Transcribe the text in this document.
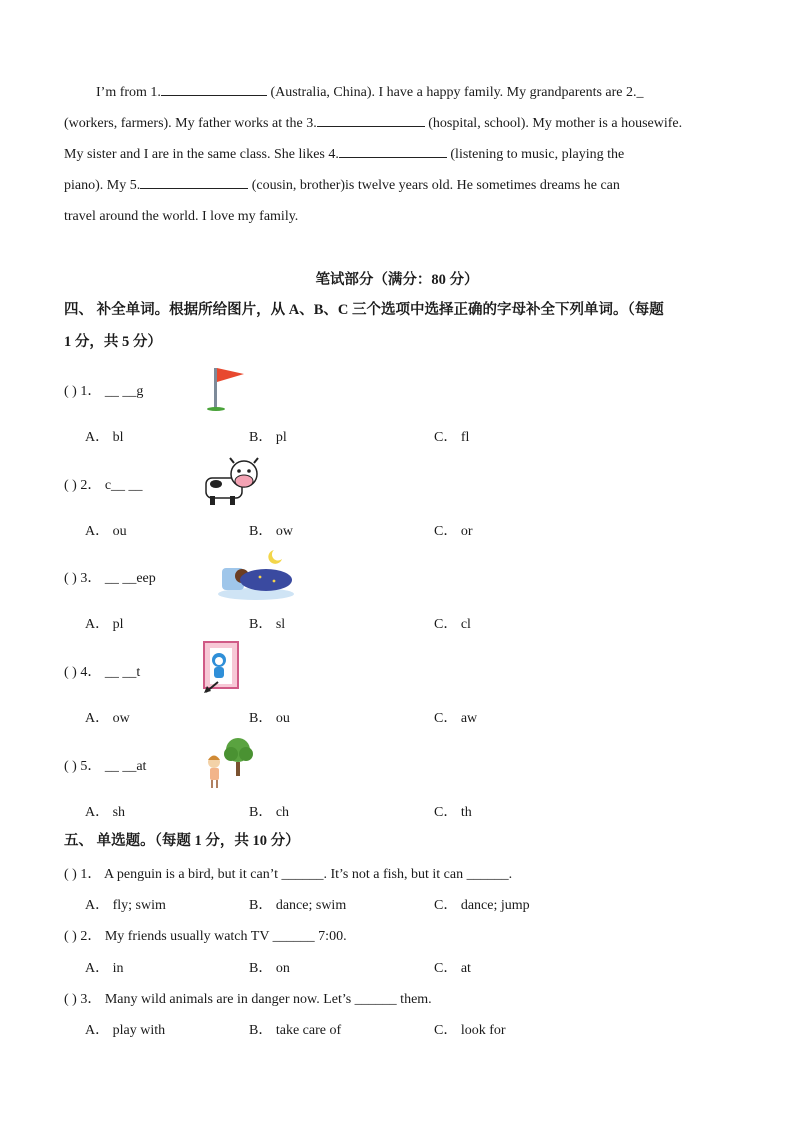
I’m from 1.	(Australia, China). I have a happy family. My grandparents are 2._
(workers, farmers). My father works at the 3.	(hospital, school). My mother is a housewife.
My sister and I are in the same class. She likes 4.	(listening to music, playing the
piano). My 5.	(cousin, brother)is twelve years old. He sometimes dreams he can
travel around the world. I love my family.
笔试部分（满分：80 分）
四、 补全单词。根据所给图片，从 A、B、C 三个选项中选择正确的字母补全下列单词。（每题
1 分，共 5 分）
( ) 1． __ __g
A． bl	B． pl	C． fl
( ) 2． c__ __
A． ou	B． ow	C． or
( ) 3． __ __eep
A． pl	B． sl	C． cl
( ) 4． __ __t
A． ow	B． ou	C． aw
( ) 5． __ __at
A． sh	B． ch	C． th
五、 单选题。（每题 1 分，共 10 分）
( ) 1． A penguin is a bird, but it can’t ______. It’s not a fish, but it can ______.
A． fly; swim	B． dance; swim	C． dance; jump
( ) 2． My friends usually watch TV ______ 7:00.
A． in	B． on	C． at
( ) 3． Many wild animals are in danger now. Let’s ______ them.
A． play with	B． take care of	C． look for
